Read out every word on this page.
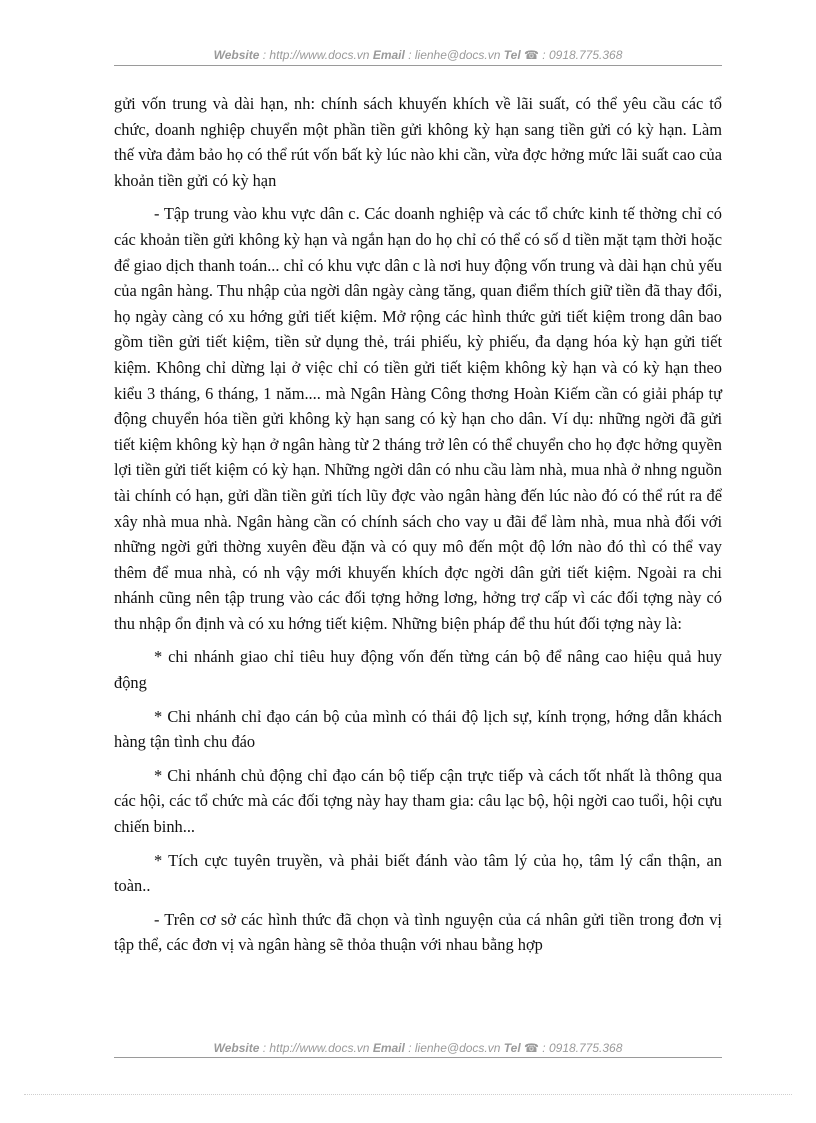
Website : http://www.docs.vn Email : lienhe@docs.vn Tel ☎ : 0918.775.368

gửi vốn trung và dài hạn, nh: chính sách khuyến khích về lãi suất, có thể yêu cầu các tổ chức, doanh nghiệp chuyển một phần tiền gửi không kỳ hạn sang tiền gửi có kỳ hạn. Làm thế vừa đảm bảo họ có thể rút vốn bất kỳ lúc nào khi cần, vừa đợc hởng mức lãi suất cao của khoản tiền gửi có kỳ hạn

- Tập trung vào khu vực dân c. Các doanh nghiệp và các tổ chức kinh tế thờng chỉ có các khoản tiền gửi không kỳ hạn và ngắn hạn do họ chỉ có thể có số d tiền mặt tạm thời hoặc để giao dịch thanh toán... chỉ có khu vực dân c là nơi huy động vốn trung và dài hạn chủ yếu của ngân hàng. Thu nhập của ngời dân ngày càng tăng, quan điểm thích giữ tiền đã thay đổi, họ ngày càng có xu hớng gửi tiết kiệm. Mở rộng các hình thức gửi tiết kiệm trong dân bao gồm tiền gửi tiết kiệm, tiền sử dụng thẻ, trái phiếu, kỳ phiếu, đa dạng hóa kỳ hạn gửi tiết kiệm. Không chỉ dừng lại ở việc chỉ có tiền gửi tiết kiệm không kỳ hạn và có kỳ hạn theo kiểu 3 tháng, 6 tháng, 1 năm.... mà Ngân Hàng Công thơng Hoàn Kiếm cần có giải pháp tự động chuyển hóa tiền gửi không kỳ hạn sang có kỳ hạn cho dân. Ví dụ: những ngời đã gửi tiết kiệm không kỳ hạn ở ngân hàng từ 2 tháng trở lên có thể chuyển cho họ đợc hởng quyền lợi tiền gửi tiết kiệm có kỳ hạn. Những ngời dân có nhu cầu làm nhà, mua nhà ở nhng nguồn tài chính có hạn, gửi dần tiền gửi tích lũy đợc vào ngân hàng đến lúc nào đó có thể rút ra để xây nhà mua nhà. Ngân hàng cần có chính sách cho vay u đãi để làm nhà, mua nhà đối với những ngời gửi thờng xuyên đều đặn và có quy mô đến một độ lớn nào đó thì có thể vay thêm để mua nhà, có nh vậy mới khuyến khích đợc ngời dân gửi tiết kiệm. Ngoài ra chi nhánh cũng nên tập trung vào các đối tợng hởng lơng, hởng trợ cấp vì các đối tợng này có thu nhập ổn định và có xu hớng tiết kiệm. Những biện pháp để thu hút đối tợng này là:

* chi nhánh giao chỉ tiêu huy động vốn đến từng cán bộ để nâng cao hiệu quả huy động

* Chi nhánh chỉ đạo cán bộ của mình có thái độ lịch sự, kính trọng, hớng dẫn khách hàng tận tình chu đáo

* Chi nhánh chủ động chỉ đạo cán bộ tiếp cận trực tiếp và cách tốt nhất là thông qua các hội, các tổ chức mà các đối tợng này hay tham gia: câu lạc bộ, hội ngời cao tuổi, hội cựu chiến binh...

* Tích cực tuyên truyền, và phải biết đánh vào tâm lý của họ, tâm lý cẩn thận, an toàn..

- Trên cơ sở các hình thức đã chọn và tình nguyện của cá nhân gửi tiền trong đơn vị tập thể, các đơn vị và ngân hàng sẽ thỏa thuận với nhau bằng hợp

Website : http://www.docs.vn Email : lienhe@docs.vn Tel ☎ : 0918.775.368
